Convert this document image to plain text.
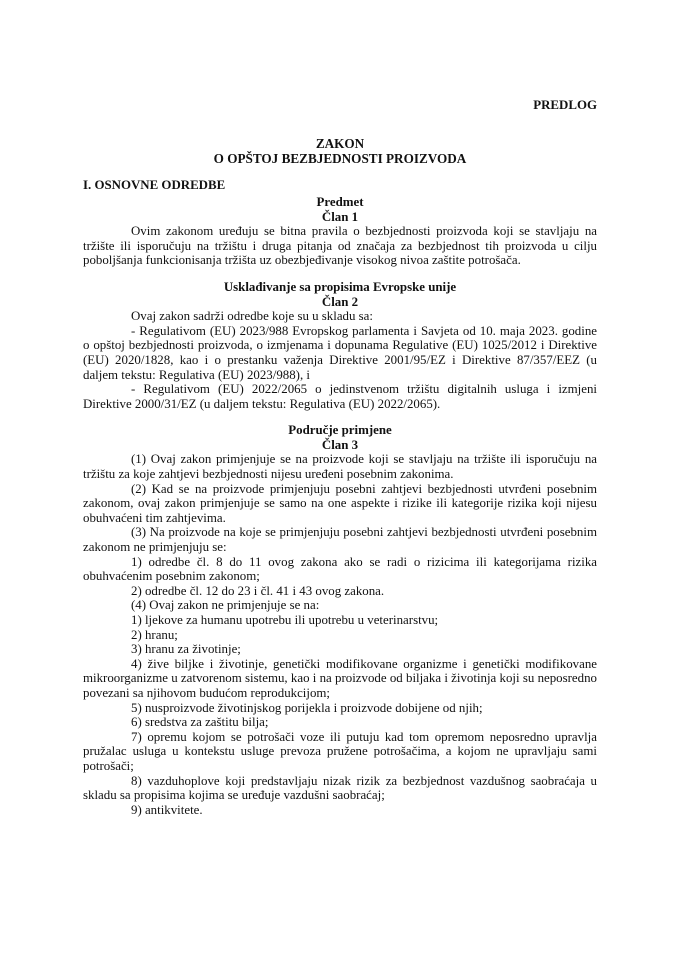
PREDLOG
ZAKON
O OPŠTOJ BEZBJEDNOSTI PROIZVODA
I. OSNOVNE ODREDBE
Predmet
Član 1

Ovim zakonom uređuju se bitna pravila o bezbjednosti proizvoda koji se stavljaju na tržište ili isporučuju na tržištu i druga pitanja od značaja za bezbjednost tih proizvoda u cilju poboljšanja funkcionisanja tržišta uz obezbjeđivanje visokog nivoa zaštite potrošača.

Usklađivanje sa propisima Evropske unije
Član 2

Ovaj zakon sadrži odredbe koje su u skladu sa:

- Regulativom (EU) 2023/988 Evropskog parlamenta i Savjeta od 10. maja 2023. godine o opštoj bezbjednosti proizvoda, o izmjenama i dopunama Regulative (EU) 1025/2012 i Direktive (EU) 2020/1828, kao i o prestanku važenja Direktive 2001/95/EZ i Direktive 87/357/EEZ (u daljem tekstu: Regulativa (EU) 2023/988), i

- Regulativom (EU) 2022/2065 o jedinstvenom tržištu digitalnih usluga i izmjeni Direktive 2000/31/EZ (u daljem tekstu: Regulativa (EU) 2022/2065).

Područje primjene
Član 3

(1) Ovaj zakon primjenjuje se na proizvode koji se stavljaju na tržište ili isporučuju na tržištu za koje zahtjevi bezbjednosti nijesu uređeni posebnim zakonima.

(2) Kad se na proizvode primjenjuju posebni zahtjevi bezbjednosti utvrđeni posebnim zakonom, ovaj zakon primjenjuje se samo na one aspekte i rizike ili kategorije rizika koji nijesu obuhvaćeni tim zahtjevima.

(3) Na proizvode na koje se primjenjuju posebni zahtjevi bezbjednosti utvrđeni posebnim zakonom ne primjenjuju se:

1) odredbe čl. 8 do 11 ovog zakona ako se radi o rizicima ili kategorijama rizika obuhvaćenim posebnim zakonom;

2) odredbe čl. 12 do 23 i čl. 41 i 43 ovog zakona.

(4) Ovaj zakon ne primjenjuje se na:

1) ljekove za humanu upotrebu ili upotrebu u veterinarstvu;

2) hranu;

3) hranu za životinje;

4) žive biljke i životinje, genetički modifikovane organizme i genetički modifikovane mikroorganizme u zatvorenom sistemu, kao i na proizvode od biljaka i životinja koji su neposredno povezani sa njihovom budućom reprodukcijom;

5) nusproizvode životinjskog porijekla i proizvode dobijene od njih;

6) sredstva za zaštitu bilja;

7) opremu kojom se potrošači voze ili putuju kad tom opremom neposredno upravlja pružalac usluga u kontekstu usluge prevoza pružene potrošačima, a kojom ne upravljaju sami potrošači;

8) vazduhoplove koji predstavljaju nizak rizik za bezbjednost vazdušnog saobraćaja u skladu sa propisima kojima se uređuje vazdušni saobraćaj;

9) antikvitete.
